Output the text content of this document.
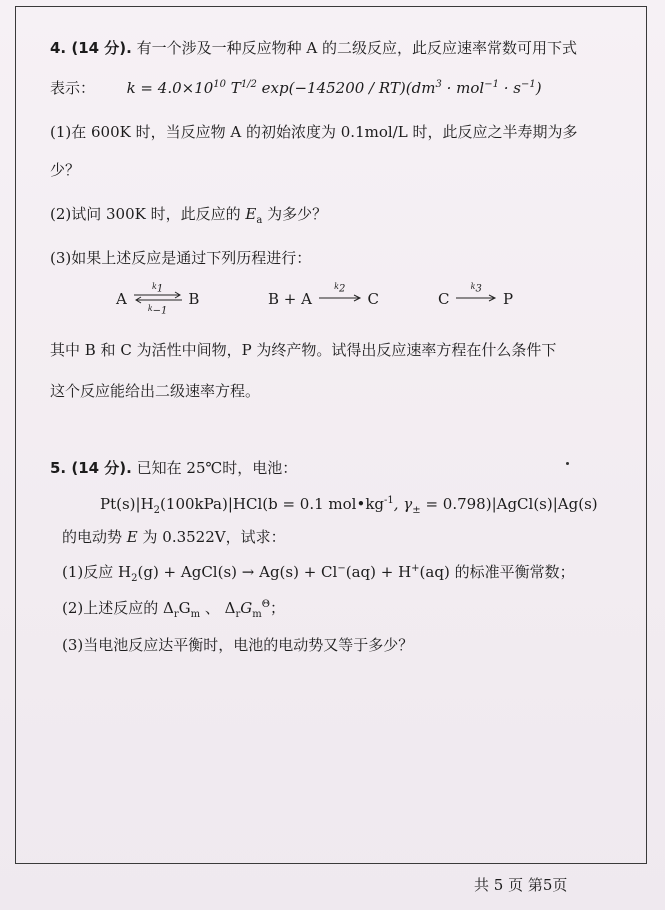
4. (14 分). 有一个涉及一种反应物种 A 的二级反应，此反应速率常数可用下式
表示： $k = 4.0\times 10^{10}$ $T^{1/2}$ $\exp(-145200 / RT)(dm^3 \cdot mol^{-1} \cdot s^{-1})$
(1)在 600K 时，当反应物 A 的初始浓度为 0.1mol/L 时，此反应之半寿期为多
少？
(2)试问 300K 时，此反应的 $E_a$ 为多少？
(3)如果上述反应是通过下列历程进行：
A
$k_1$
$k_{-1}$
B	B + A
$k_2$
C	C
$k_3$
P
其中 B 和 C 为活性中间物，P 为终产物。试得出反应速率方程在什么条件下
这个反应能给出二级速率方程。
5. (14 分). 已知在 25℃时，电池：
$Pt(s)|H_2(100kPa)|HCl(b = 0.1$ $mol•kg^{-1}$, $\gamma_\pm$ = 0.798)|AgCl(s)|Ag(s)
的电动势 E 为 0.3522V，试求：
(1)反应 $H_2(g)$ + AgCl(s) → Ag(s) + Cl−(aq) + H+(aq) 的标准平衡常数；
(2)上述反应的 $\Delta_rG_m$ 、 $\Delta_rG_m^\Theta$；
(3)当电池反应达平衡时，电池的电动势又等于多少？
共 5 页 第5页
